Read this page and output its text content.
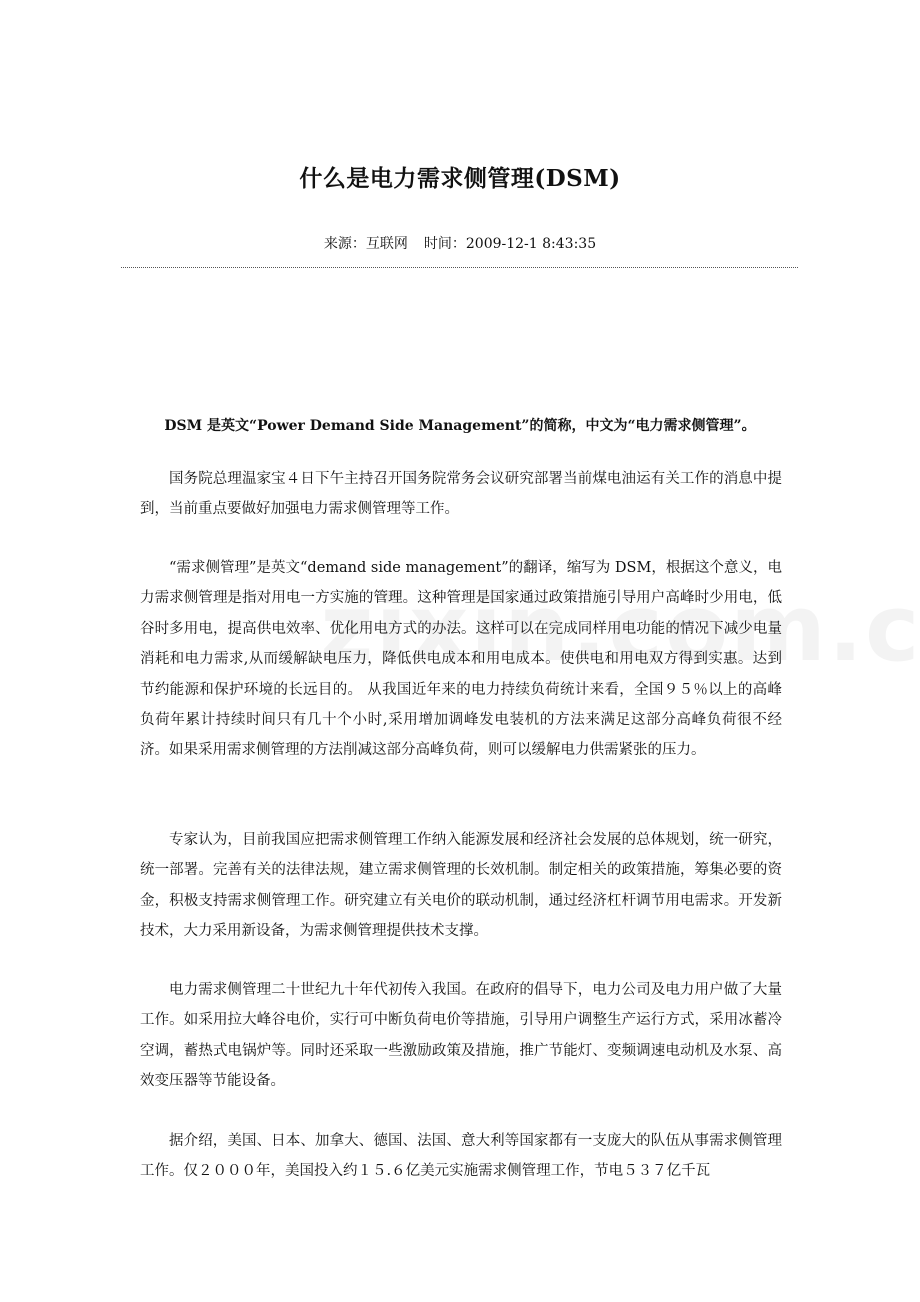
什么是电力需求侧管理(DSM)
来源：互联网 时间：2009-12-1 8:43:35
DSM 是英文“Power Demand Side Management”的简称，中文为“电力需求侧管理”。

国务院总理温家宝４日下午主持召开国务院常务会议研究部署当前煤电油运有关工作的消息中提到，当前重点要做好加强电力需求侧管理等工作。

“需求侧管理”是英文“demand side management”的翻译，缩写为 DSM，根据这个意义，电力需求侧管理是指对用电一方实施的管理。这种管理是国家通过政策措施引导用户高峰时少用电，低谷时多用电，提高供电效率、优化用电方式的办法。这样可以在完成同样用电功能的情况下减少电量消耗和电力需求,从而缓解缺电压力，降低供电成本和用电成本。使供电和用电双方得到实惠。达到节约能源和保护环境的长远目的。 从我国近年来的电力持续负荷统计来看，全国９５％以上的高峰负荷年累计持续时间只有几十个小时,采用增加调峰发电装机的方法来满足这部分高峰负荷很不经济。如果采用需求侧管理的方法削减这部分高峰负荷，则可以缓解电力供需紧张的压力。

专家认为，目前我国应把需求侧管理工作纳入能源发展和经济社会发展的总体规划，统一研究，统一部署。完善有关的法律法规，建立需求侧管理的长效机制。制定相关的政策措施，筹集必要的资金，积极支持需求侧管理工作。研究建立有关电价的联动机制，通过经济杠杆调节用电需求。开发新技术，大力采用新设备，为需求侧管理提供技术支撑。

电力需求侧管理二十世纪九十年代初传入我国。在政府的倡导下，电力公司及电力用户做了大量工作。如采用拉大峰谷电价，实行可中断负荷电价等措施，引导用户调整生产运行方式，采用冰蓄冷空调，蓄热式电锅炉等。同时还采取一些激励政策及措施，推广节能灯、变频调速电动机及水泵、高效变压器等节能设备。

据介绍，美国、日本、加拿大、德国、法国、意大利等国家都有一支庞大的队伍从事需求侧管理工作。仅２０００年，美国投入约１５.６亿美元实施需求侧管理工作，节电５３７亿千瓦
